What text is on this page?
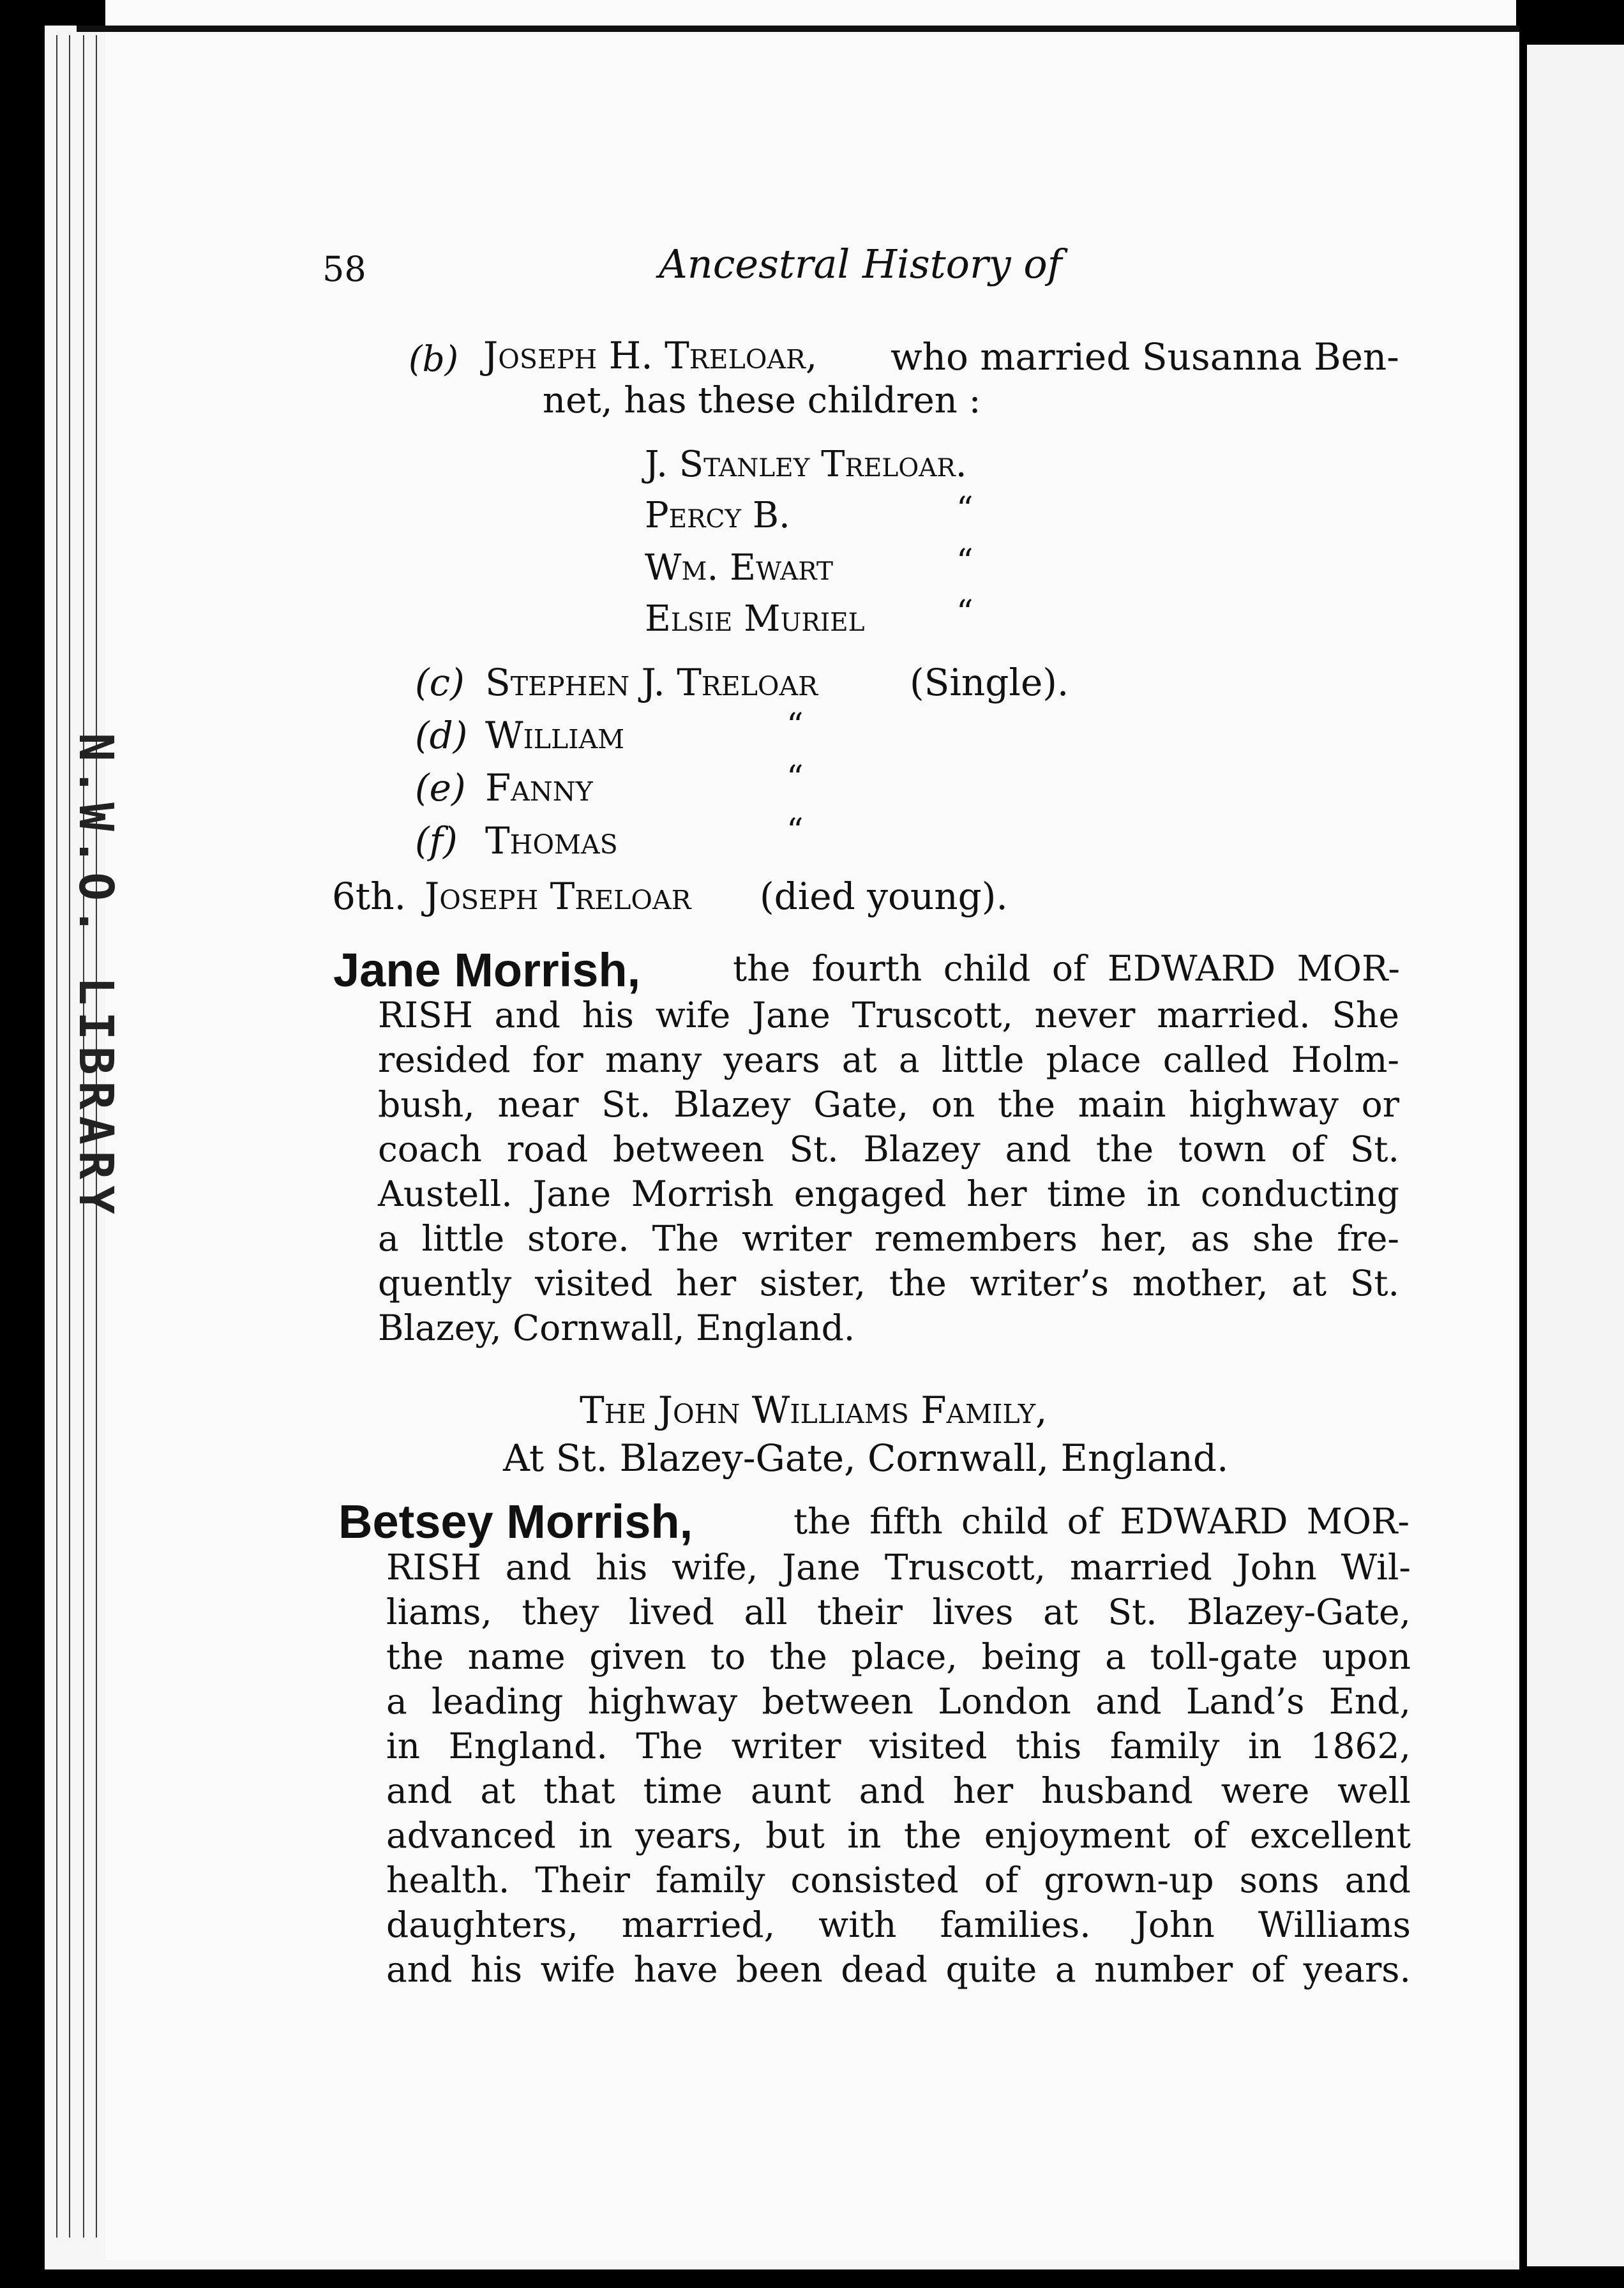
N.W.O. LIBRARY
58	Ancestral History of
(b) Joseph H. Treloar, who married Susanna Ben-
net, has these children :
J. Stanley Treloar.
Percy B.	“
Wm. Ewart	“
Elsie Muriel	“
(c) Stephen J. Treloar (Single).
(d) William	“
(e) Fanny	“
(f) Thomas	“
6th. Joseph Treloar (died young).
Jane Morrish,	the fourth child of EDWARD MOR-
RISH and his wife Jane Truscott, never married. She
resided for many years at a little place called Holm-
bush, near St. Blazey Gate, on the main highway or
coach road between St. Blazey and the town of St.
Austell. Jane Morrish engaged her time in conducting
a little store. The writer remembers her, as she fre-
quently visited her sister, the writer’s mother, at St.
Blazey, Cornwall, England.
The John Williams Family,
At St. Blazey-Gate, Cornwall, England.
Betsey Morrish,	the fifth child of EDWARD MOR-
RISH and his wife, Jane Truscott, married John Wil-
liams, they lived all their lives at St. Blazey-Gate,
the name given to the place, being a toll-gate upon
a leading highway between London and Land’s End,
in England. The writer visited this family in 1862,
and at that time aunt and her husband were well
advanced in years, but in the enjoyment of excellent
health. Their family consisted of grown-up sons and
daughters, married, with families. John Williams
and his wife have been dead quite a number of years.
